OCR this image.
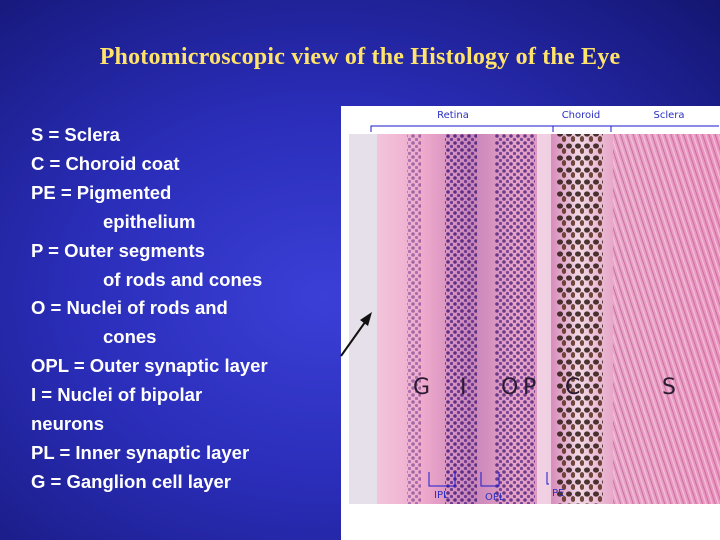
Photomicroscopic view of the Histology of the Eye
S = Sclera
C = Choroid coat
PE = Pigmented
epithelium
P = Outer segments
of rods and cones
O = Nuclei of rods and
cones
OPL = Outer synaptic layer
I = Nuclei of bipolar
neurons
PL = Inner synaptic layer
G = Ganglion cell layer
Retina	Choroid	Sclera
G I O P C	S
IPL	OPL	PE
